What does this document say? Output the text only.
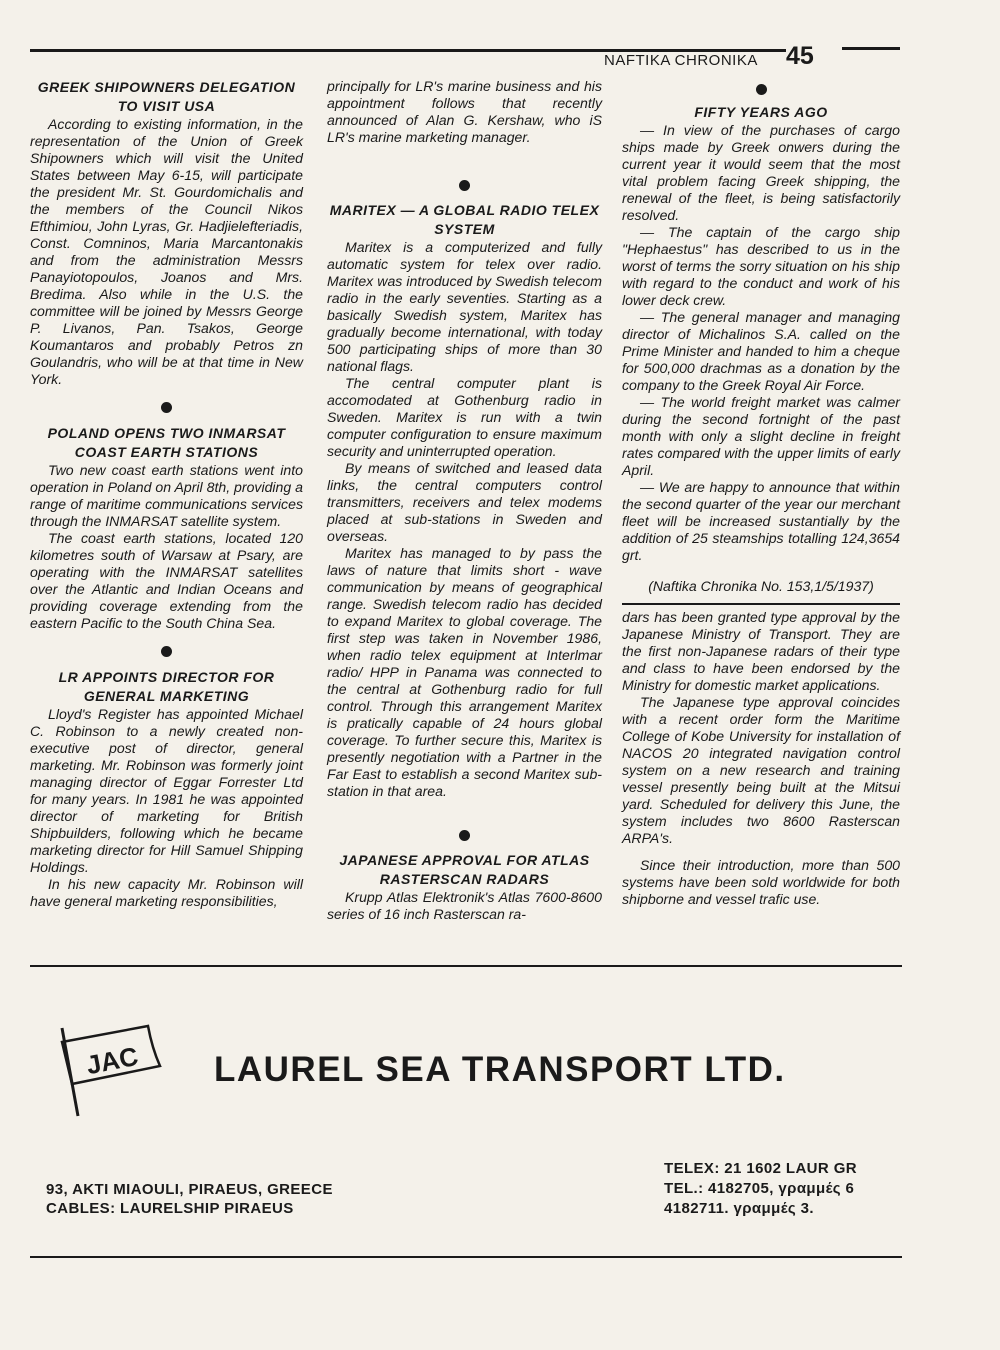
NAFTIKA CHRONIKA 45
GREEK SHIPOWNERS DELEGATION TO VISIT USA

According to existing information, in the representation of the Union of Greek Shipowners which will visit the United States between May 6-15, will participate the president Mr. St. Gourdomichalis and the members of the Council Nikos Efthimiou, John Lyras, Gr. Hadjielefteriadis, Const. Comninos, Maria Marcantonakis and from the administration Messrs Panayiotopoulos, Joanos and Mrs. Bredima. Also while in the U.S. the committee will be joined by Messrs George P. Livanos, Pan. Tsakos, George Koumantaros and probably Petros zn Goulandris, who will be at that time in New York.

POLAND OPENS TWO INMARSAT COAST EARTH STATIONS

Two new coast earth stations went into operation in Poland on April 8th, providing a range of maritime communications services through the INMARSAT satellite system.

The coast earth stations, located 120 kilometres south of Warsaw at Psary, are operating with the INMARSAT satellites over the Atlantic and Indian Oceans and providing coverage extending from the eastern Pacific to the South China Sea.

LR APPOINTS DIRECTOR FOR GENERAL MARKETING

Lloyd's Register has appointed Michael C. Robinson to a newly created non-executive post of director, general marketing. Mr. Robinson was formerly joint managing director of Eggar Forrester Ltd for many years. In 1981 he was appointed director of marketing for British Shipbuilders, following which he became marketing director for Hill Samuel Shipping Holdings.

In his new capacity Mr. Robinson will have general marketing responsibilities,

principally for LR's marine business and his appointment follows that recently announced of Alan G. Kershaw, who iS LR's marine marketing manager.

MARITEX — A GLOBAL RADIO TELEX SYSTEM

Maritex is a computerized and fully automatic system for telex over radio. Maritex was introduced by Swedish telecom radio in the early seventies. Starting as a basically Swedish system, Maritex has gradually become international, with today 500 participating ships of more than 30 national flags.

The central computer plant is accomodated at Gothenburg radio in Sweden. Maritex is run with a twin computer configuration to ensure maximum security and uninterrupted operation.

By means of switched and leased data links, the central computers control transmitters, receivers and telex modems placed at sub-stations in Sweden and overseas.

Maritex has managed to by pass the laws of nature that limits short - wave communication by means of geographical range. Swedish telecom radio has decided to expand Maritex to global coverage. The first step was taken in November 1986, when radio telex equipment at Interlmar radio/ HPP in Panama was connected to the central at Gothenburg radio for full control. Through this arrangement Maritex is pratically capable of 24 hours global coverage. To further secure this, Maritex is presently negotiation with a Partner in the Far East to establish a second Maritex sub-station in that area.

JAPANESE APPROVAL FOR ATLAS RASTERSCAN RADARS

Krupp Atlas Elektronik's Atlas 7600-8600 series of 16 inch Rasterscan ra-

FIFTY YEARS AGO

— In view of the purchases of cargo ships made by Greek onwers during the current year it would seem that the most vital problem facing Greek shipping, the renewal of the fleet, is being satisfactorily resolved.

— The captain of the cargo ship "Hephaestus" has described to us in the worst of terms the sorry situation on his ship with regard to the conduct and work of his lower deck crew.

— The general manager and managing director of Michalinos S.A. called on the Prime Minister and handed to him a cheque for 500,000 drachmas as a donation by the company to the Greek Royal Air Force.

— The world freight market was calmer during the second fortnight of the past month with only a slight decline in freight rates compared with the upper limits of early April.

— We are happy to announce that within the second quarter of the year our merchant fleet will be increased sustantially by the addition of 25 steamships totalling 124,3654 grt.

(Naftika Chronika No. 153,1/5/1937)

dars has been granted type approval by the Japanese Ministry of Transport. They are the first non-Japanese radars of their type and class to have been endorsed by the Ministry for domestic market applications.

The Japanese type approval coincides with a recent order form the Maritime College of Kobe University for installation of NACOS 20 integrated navigation control system on a new research and training vessel presently being built at the Mitsui yard. Scheduled for delivery this June, the system includes two 8600 Rasterscan ARPA's.

Since their introduction, more than 500 systems have been sold worldwide for both shipborne and vessel trafic use.

JAC LAUREL SEA TRANSPORT LTD.
93, AKTI MIAOULI, PIRAEUS, GREECE
CABLES: LAURELSHIP PIRAEUS
TELEX: 21 1602 LAUR GR
TEL.: 4182705, γραμμές 6
4182711. γραμμές 3.
